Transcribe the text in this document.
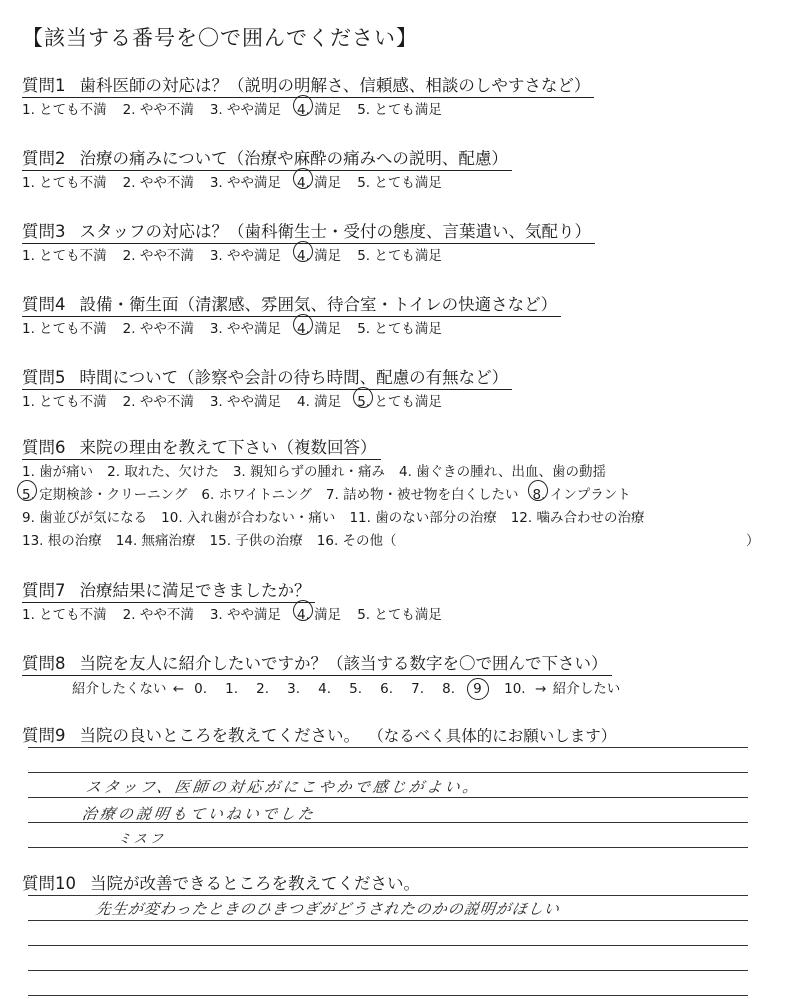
【該当する番号を〇で囲んでください】
質問1 歯科医師の対応は？（説明の明解さ、信頼感、相談のしやすさなど）
1. とても不満 2. やや不満 3. やや満足 4. 満足 5. とても満足
質問2 治療の痛みについて（治療や麻酔の痛みへの説明、配慮）
1. とても不満 2. やや不満 3. やや満足 4. 満足 5. とても満足
質問3 スタッフの対応は？（歯科衛生士・受付の態度、言葉遣い、気配り）
1. とても不満 2. やや不満 3. やや満足 4. 満足 5. とても満足
質問4 設備・衛生面（清潔感、雰囲気、待合室・トイレの快適さなど）
1. とても不満 2. やや不満 3. やや満足 4. 満足 5. とても満足
質問5 時間について（診察や会計の待ち時間、配慮の有無など）
1. とても不満 2. やや不満 3. やや満足 4. 満足 5. とても満足
質問6 来院の理由を教えて下さい（複数回答）
1. 歯が痛い 2. 取れた、欠けた 3. 親知らずの腫れ・痛み 4. 歯ぐきの腫れ、出血、歯の動揺
5. 定期検診・クリーニング 6. ホワイトニング 7. 詰め物・被せ物を白くしたい 8. インプラント
9. 歯並びが気になる 10. 入れ歯が合わない・痛い 11. 歯のない部分の治療 12. 噛み合わせの治療
13. 根の治療 14. 無痛治療 15. 子供の治療 16. その他（	）
質問7 治療結果に満足できましたか？
1. とても不満 2. やや不満 3. やや満足 4. 満足 5. とても満足
質問8 当院を友人に紹介したいですか？（該当する数字を〇で囲んで下さい）
紹介したくない ← 0. 1. 2. 3. 4. 5. 6. 7. 8. 9 10. → 紹介したい
質問9 当院の良いところを教えてください。 （なるべく具体的にお願いします）
スタッフ、医師の対応がにこやかで感じがよい。
治療の説明もていねいでした
ミスフ
質問10 当院が改善できるところを教えてください。
先生が変わったときのひきつぎがどうされたのかの説明がほしい
